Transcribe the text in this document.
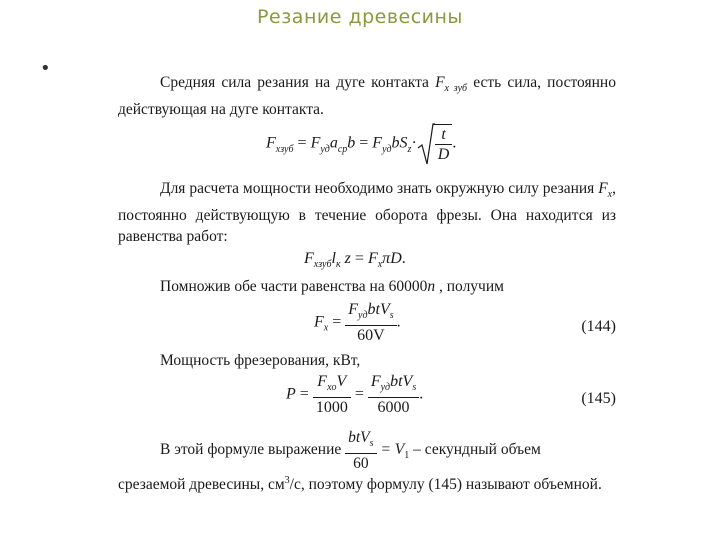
Резание древесины
•

Средняя сила резания на дуге контакта $F_{x зуб}$ есть сила, постоянно действующая на дуге контакта.

$F_{xзуб} = F_{уд}a_{ср}b = F_{уд}bS_z\cdot \frac{t}{D}$ .

Для расчета мощности необходимо знать окружную силу резания $F_x$, постоянно действующую в течение оборота фрезы. Она находится из равенства работ:

$F_{xзуб}l_к$ $z = F_x\pi D$.

Помножив обе части равенства на 60000n , получим

$F_x = \frac{F_{уд}btV_s}{60V}$ .	(144)

Мощность фрезерования, кВт,

$P = \frac{F_{xо}V}{1000} = \frac{F_{уд}btV_s}{6000}$ .	(145)
В этой формуле выражение $\frac{btV_s}{60} = V_1$ – секундный объем

срезаемой древесины, $см^3/с$, поэтому формулу (145) называют объемной.
